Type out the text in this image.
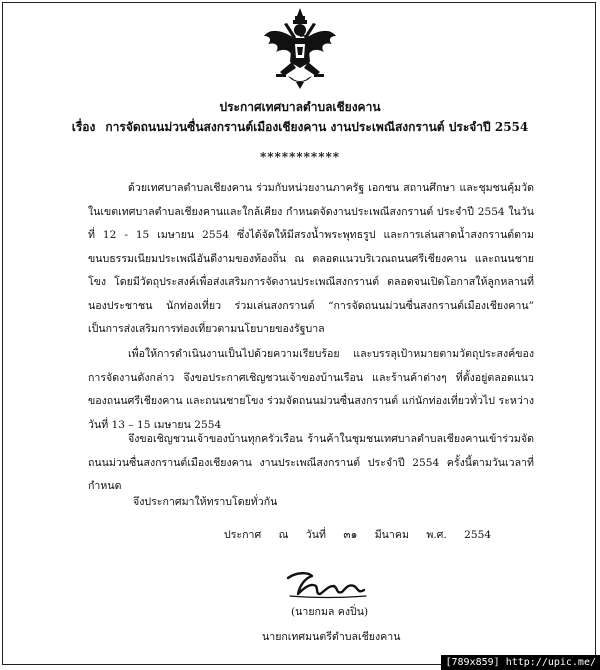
ประกาศเทศบาลตำบลเชียงคาน
เรื่อง การจัดถนนม่วนซื่นสงกรานต์เมืองเชียงคาน งานประเพณีสงกรานต์ ประจำปี 2554
***********
ด้วยเทศบาลตำบลเชียงคาน ร่วมกับหน่วยงานภาครัฐ เอกชน สถานศึกษา และชุมชนคุ้มวัดในเขตเทศบาลตำบลเชียงคานและใกล้เคียง กำหนดจัดงานประเพณีสงกรานต์ ประจำปี 2554 ในวันที่ 12 - 15 เมษายน 2554 ซึ่งได้จัดให้มีสรงน้ำพระพุทธรูป และการเล่นสาดน้ำสงกรานต์ตามขนบธรรมเนียมประเพณีอันดีงามของท้องถิ่น ณ ตลอดแนวบริเวณถนนศรีเชียงคาน และถนนชายโขง โดยมีวัตถุประสงค์เพื่อส่งเสริมการจัดงานประเพณีสงกรานต์ ตลอดจนเปิดโอกาสให้ลูกหลานที่นองประชาชน นักท่องเที่ยว ร่วมเล่นสงกรานต์ “การจัดถนนม่วนซื่นสงกรานต์เมืองเชียงคาน” เป็นการส่งเสริมการท่องเที่ยวตามนโยบายของรัฐบาล
เพื่อให้การดำเนินงานเป็นไปด้วยความเรียบร้อย และบรรลุเป้าหมายตามวัตถุประสงค์ของการจัดงานดังกล่าว จึงขอประกาศเชิญชวนเจ้าของบ้านเรือน และร้านค้าต่างๆ ที่ตั้งอยู่ตลอดแนวของถนนศรีเชียงคาน และถนนชายโขง ร่วมจัดถนนม่วนซื่นสงกรานต์ แก่นักท่องเที่ยวทั่วไป ระหว่างวันที่ 13 – 15 เมษายน 2554
จึงขอเชิญชวนเจ้าของบ้านทุกครัวเรือน ร้านค้าในชุมชนเทศบาลตำบลเชียงคานเข้าร่วมจัดถนนม่วนซื่นสงกรานต์เมืองเชียงคาน งานประเพณีสงกรานต์ ประจำปี 2554 ครั้งนี้ตามวันเวลาที่กำหนด
จึงประกาศมาให้ทราบโดยทั่วกัน
ประกาศ ณ วันที่ ๓๑ มีนาคม พ.ศ. 2554
(นายกมล คงปิ่น)
นายกเทศมนตรีตำบลเชียงคาน
[789x859] http://upic.me/
